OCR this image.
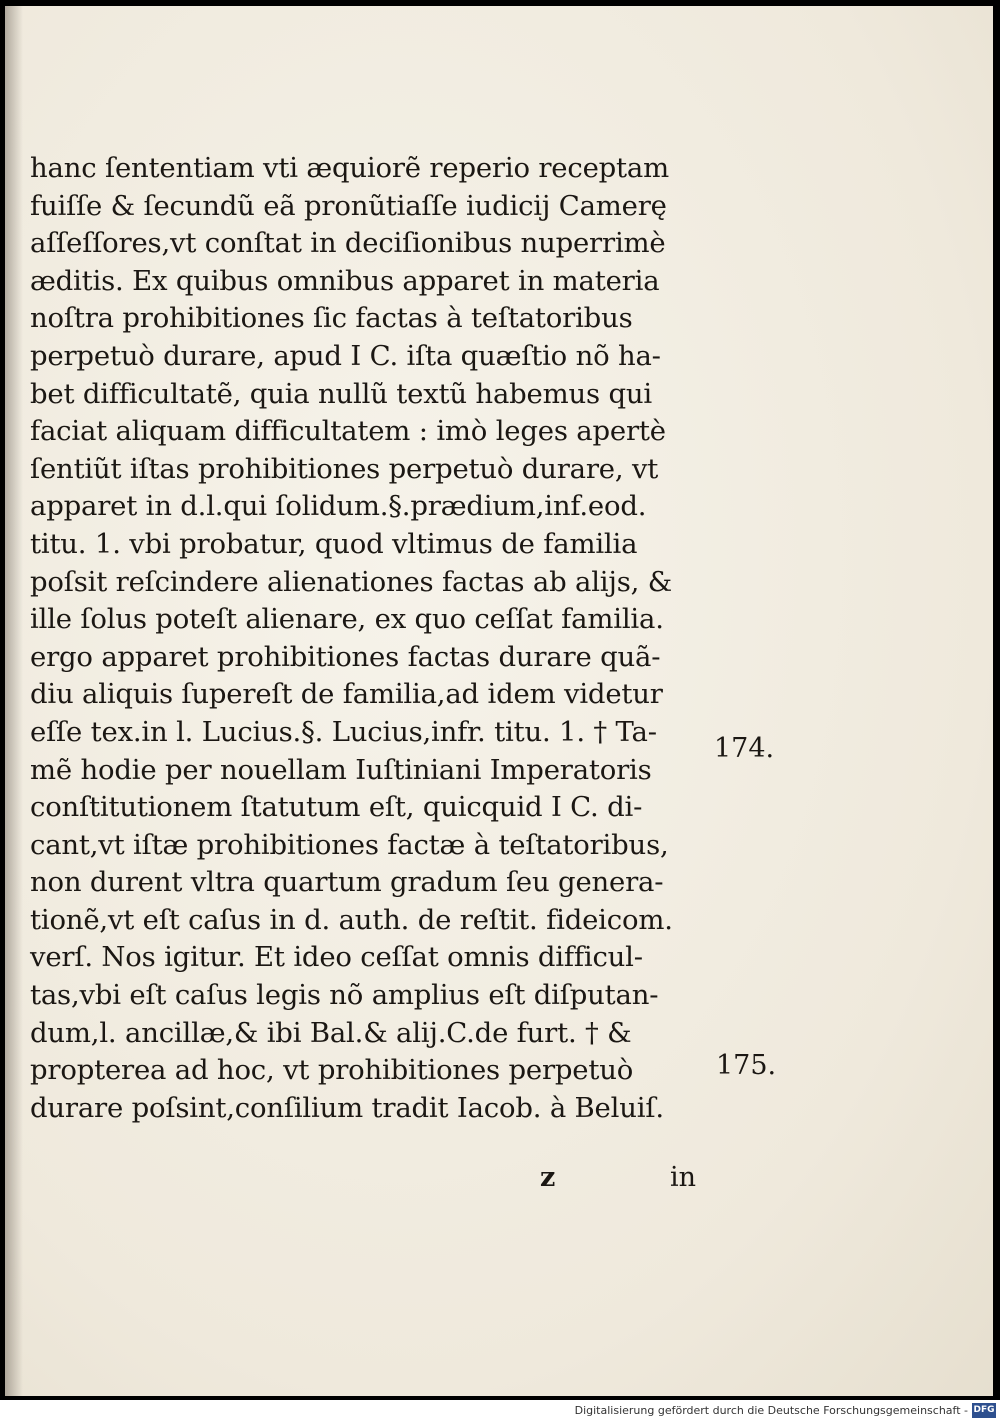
hanc ſententiam vti æquiorẽ reperio receptam
fuiſſe & ſecundũ eã pronũtiaſſe iudicij Camerę
aſſeſſores,vt conſtat in deciſionibus nuperrimè
æditis. Ex quibus omnibus apparet in materia
noſtra prohibitiones ſic factas à teſtatoribus
perpetuò durare, apud I C. iſta quæſtio nõ ha-
bet difficultatẽ, quia nullũ textũ habemus qui
faciat aliquam difficultatem : imò leges apertè
ſentiũt iſtas prohibitiones perpetuò durare, vt
apparet in d.l.qui ſolidum.§.prædium,inf.eod.
titu. 1. vbi probatur, quod vltimus de familia
poſsit reſcindere alienationes factas ab alijs, &
ille ſolus poteſt alienare, ex quo ceſſat familia.
ergo apparet prohibitiones factas durare quã-
diu aliquis ſupereſt de familia,ad idem videtur
eſſe tex.in l. Lucius.§. Lucius,infr. titu. 1. † Ta-
mẽ hodie per nouellam Iuſtiniani Imperatoris
conſtitutionem ſtatutum eſt, quicquid I C. di-
cant,vt iſtæ prohibitiones factæ à teſtatoribus,
non durent vltra quartum gradum ſeu genera-
tionẽ,vt eſt caſus in d. auth. de reſtit. fideicom.
verſ. Nos igitur. Et ideo ceſſat omnis difficul-
tas,vbi eſt caſus legis nõ amplius eſt diſputan-
dum,l. ancillæ,& ibi Bal.& alij.C.de furt. † &
propterea ad hoc, vt prohibitiones perpetuò
durare poſsint,conſilium tradit Iacob. à Beluiſ.
174.
175.
z	in
Digitalisierung gefördert durch die Deutsche Forschungsgemeinschaft - DFG
